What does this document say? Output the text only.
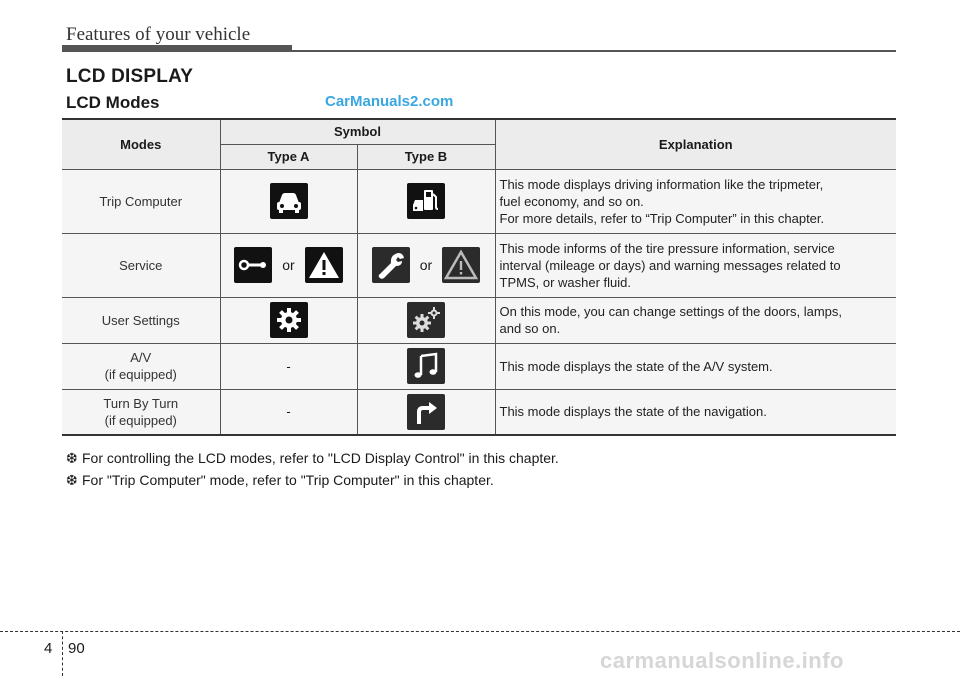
Features of your vehicle
LCD DISPLAY
LCD Modes	CarManuals2.com
Modes	Symbol		Explanation
	Type A	Type B	
Trip Computer			This mode displays driving information like the tripmeter,
fuel economy, and so on.
For more details, refer to “Trip Computer” in this chapter.

Service	or	or	This mode informs of the tire pressure information, service
interval (mileage or days) and warning messages related to
TPMS, or washer fluid.

User Settings			On this mode, you can change settings of the doors, lamps,
and so on.

A/V
(if equipped)	-		This mode displays the state of the A/V system.

Turn By Turn
(if equipped)	-		This mode displays the state of the navigation.
❆ For controlling the LCD modes, refer to "LCD Display Control" in this chapter.
❆ For "Trip Computer" mode, refer to "Trip Computer" in this chapter.
4 90	carmanualsonline.info
